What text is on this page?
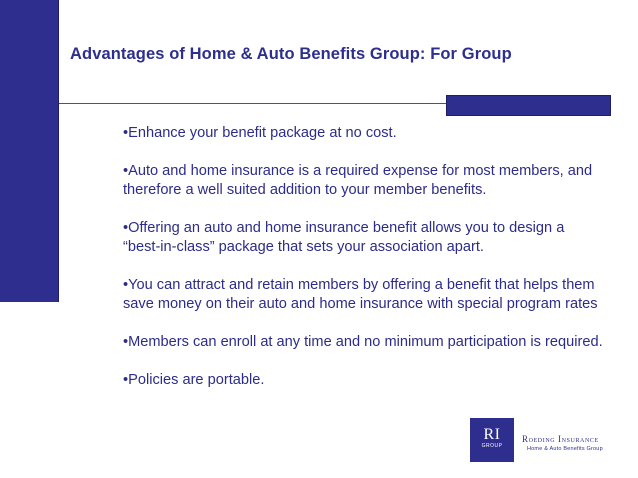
Advantages of Home & Auto Benefits Group: For Group
•Enhance your benefit package at no cost.
•Auto and home insurance is a required expense for most members, and therefore a well suited addition to your member benefits.
•Offering an auto and home insurance benefit allows you to design a “best-in-class” package that sets your association apart.
•You can attract and retain members by offering a benefit that helps them save money on their auto and home insurance with special program rates
•Members can enroll at any time and no minimum participation is required.
•Policies are portable.
RI
GROUP
Roeding Insurance
Home & Auto Benefits Group
